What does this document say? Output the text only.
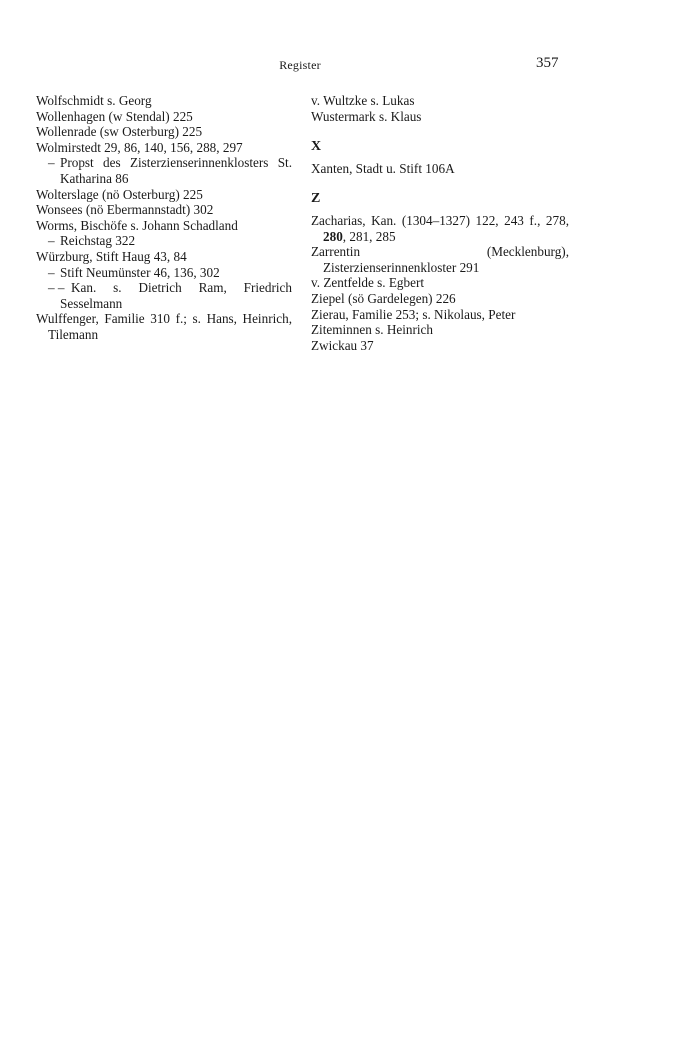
Register	357

Wolfschmidt s. Georg

Wollenhagen (w Stendal) 225

Wollenrade (sw Osterburg) 225

Wolmirstedt 29, 86, 140, 156, 288, 297

– Propst des Zisterzienserinnenklosters St. Katharina 86

Wolterslage (nö Osterburg) 225

Wonsees (nö Ebermannstadt) 302

Worms, Bischöfe s. Johann Schadland

– Reichstag 322

Würzburg, Stift Haug 43, 84

– Stift Neumünster 46, 136, 302

– – Kan. s. Dietrich Ram, Friedrich Sesselmann

Wulffenger, Familie 310 f.; s. Hans, Heinrich, Tilemann

v. Wultzke s. Lukas

Wustermark s. Klaus

X

Xanten, Stadt u. Stift 106A

Z

Zacharias, Kan. (1304–1327) 122, 243 f., 278, 280, 281, 285

Zarrentin (Mecklenburg), Zisterzienserinnenkloster 291

v. Zentfelde s. Egbert

Ziepel (sö Gardelegen) 226

Zierau, Familie 253; s. Nikolaus, Peter

Ziteminnen s. Heinrich

Zwickau 37
